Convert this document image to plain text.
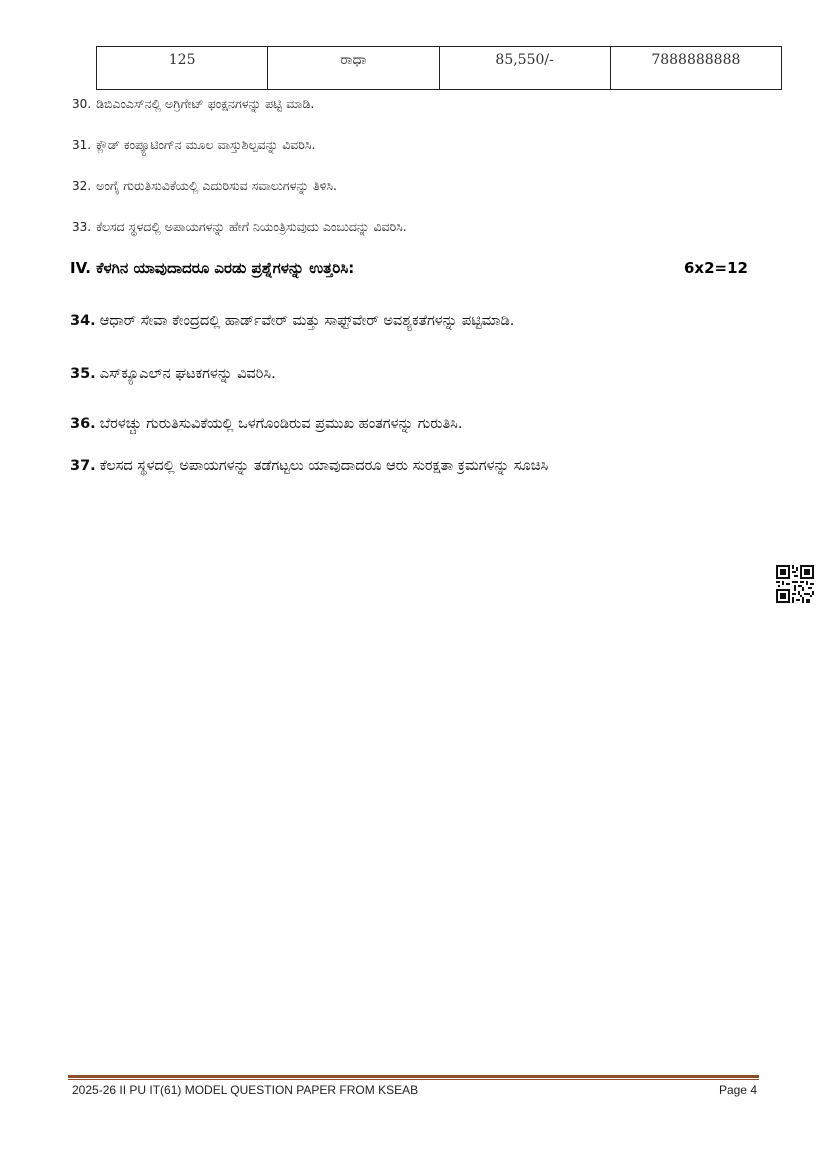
125	ರಾಧಾ	85,550/-	7888888888
30. ಡಿಬಿಎಂಎಸ್‌ನಲ್ಲಿ ಅಗ್ರಿಗೇಟ್ ಫಂಕ್ಷನಗಳನ್ನು ಪಟ್ಟಿ ಮಾಡಿ.
31. ಕ್ಲೌಡ್ ಕಂಪ್ಯೂಟಿಂಗ್‌ನ ಮೂಲ ವಾಸ್ತುಶಿಲ್ಪವನ್ನು ವಿವರಿಸಿ.
32. ಅಂಗೈ ಗುರುತಿಸುವಿಕೆಯಲ್ಲಿ ಎದುರಿಸುವ ಸವಾಲುಗಳನ್ನು ತಿಳಿಸಿ.
33. ಕೆಲಸದ ಸ್ಥಳದಲ್ಲಿ ಅಪಾಯಗಳನ್ನು ಹೇಗೆ ನಿಯಂತ್ರಿಸುವುದು ಎಂಬುದನ್ನು ವಿವರಿಸಿ.
IV. ಕೆಳಗಿನ ಯಾವುದಾದರೂ ಎರಡು ಪ್ರಶ್ನೆಗಳನ್ನು ಉತ್ತರಿಸಿ:	6x2=12
34. ಆಧಾರ್ ಸೇವಾ ಕೇಂದ್ರದಲ್ಲಿ ಹಾರ್ಡ್‌ವೇರ್ ಮತ್ತು ಸಾಫ್ಟ್‌ವೇರ್ ಅವಶ್ಯಕತೆಗಳನ್ನು ಪಟ್ಟಿಮಾಡಿ.
35. ಎಸ್‌ಕ್ಯೂಎಲ್‌ನ ಘಟಕಗಳನ್ನು ವಿವರಿಸಿ.
36. ಬೆರಳಚ್ಚು ಗುರುತಿಸುವಿಕೆಯಲ್ಲಿ ಒಳಗೊಂಡಿರುವ ಪ್ರಮುಖ ಹಂತಗಳನ್ನು ಗುರುತಿಸಿ.
37. ಕೆಲಸದ ಸ್ಥಳದಲ್ಲಿ ಅಪಾಯಗಳನ್ನು ತಡೆಗಟ್ಟಲು ಯಾವುದಾದರೂ ಆರು ಸುರಕ್ಷತಾ ಕ್ರಮಗಳನ್ನು ಸೂಚಿಸಿ
2025-26 II PU IT(61) MODEL QUESTION PAPER FROM KSEAB	Page 4
